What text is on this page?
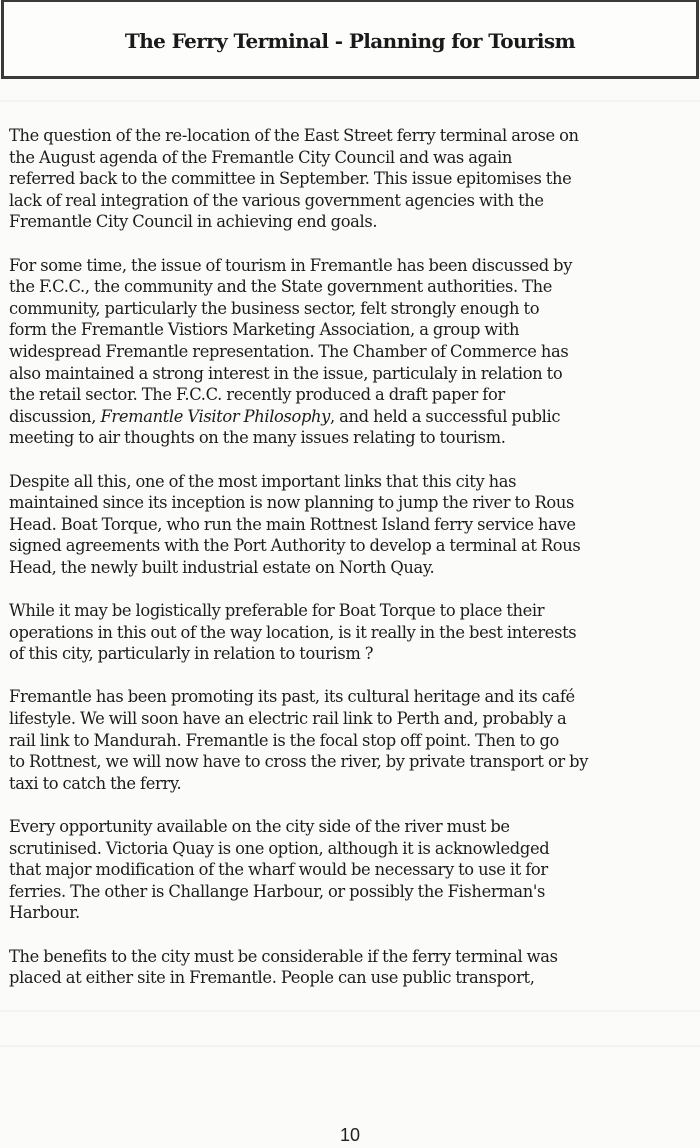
The Ferry Terminal - Planning for Tourism

The question of the re-location of the East Street ferry terminal arose on
the August agenda of the Fremantle City Council and was again
referred back to the committee in September. This issue epitomises the
lack of real integration of the various government agencies with the
Fremantle City Council in achieving end goals.

For some time, the issue of tourism in Fremantle has been discussed by
the F.C.C., the community and the State government authorities. The
community, particularly the business sector, felt strongly enough to
form the Fremantle Vistiors Marketing Association, a group with
widespread Fremantle representation. The Chamber of Commerce has
also maintained a strong interest in the issue, particulaly in relation to
the retail sector. The F.C.C. recently produced a draft paper for
discussion, Fremantle Visitor Philosophy, and held a successful public
meeting to air thoughts on the many issues relating to tourism.

Despite all this, one of the most important links that this city has
maintained since its inception is now planning to jump the river to Rous
Head. Boat Torque, who run the main Rottnest Island ferry service have
signed agreements with the Port Authority to develop a terminal at Rous
Head, the newly built industrial estate on North Quay.

While it may be logistically preferable for Boat Torque to place their
operations in this out of the way location, is it really in the best interests
of this city, particularly in relation to tourism ?

Fremantle has been promoting its past, its cultural heritage and its café
lifestyle. We will soon have an electric rail link to Perth and, probably a
rail link to Mandurah. Fremantle is the focal stop off point. Then to go
to Rottnest, we will now have to cross the river, by private transport or by
taxi to catch the ferry.

Every opportunity available on the city side of the river must be
scrutinised. Victoria Quay is one option, although it is acknowledged
that major modification of the wharf would be necessary to use it for
ferries. The other is Challange Harbour, or possibly the Fisherman's
Harbour.

The benefits to the city must be considerable if the ferry terminal was
placed at either site in Fremantle. People can use public transport,

10
